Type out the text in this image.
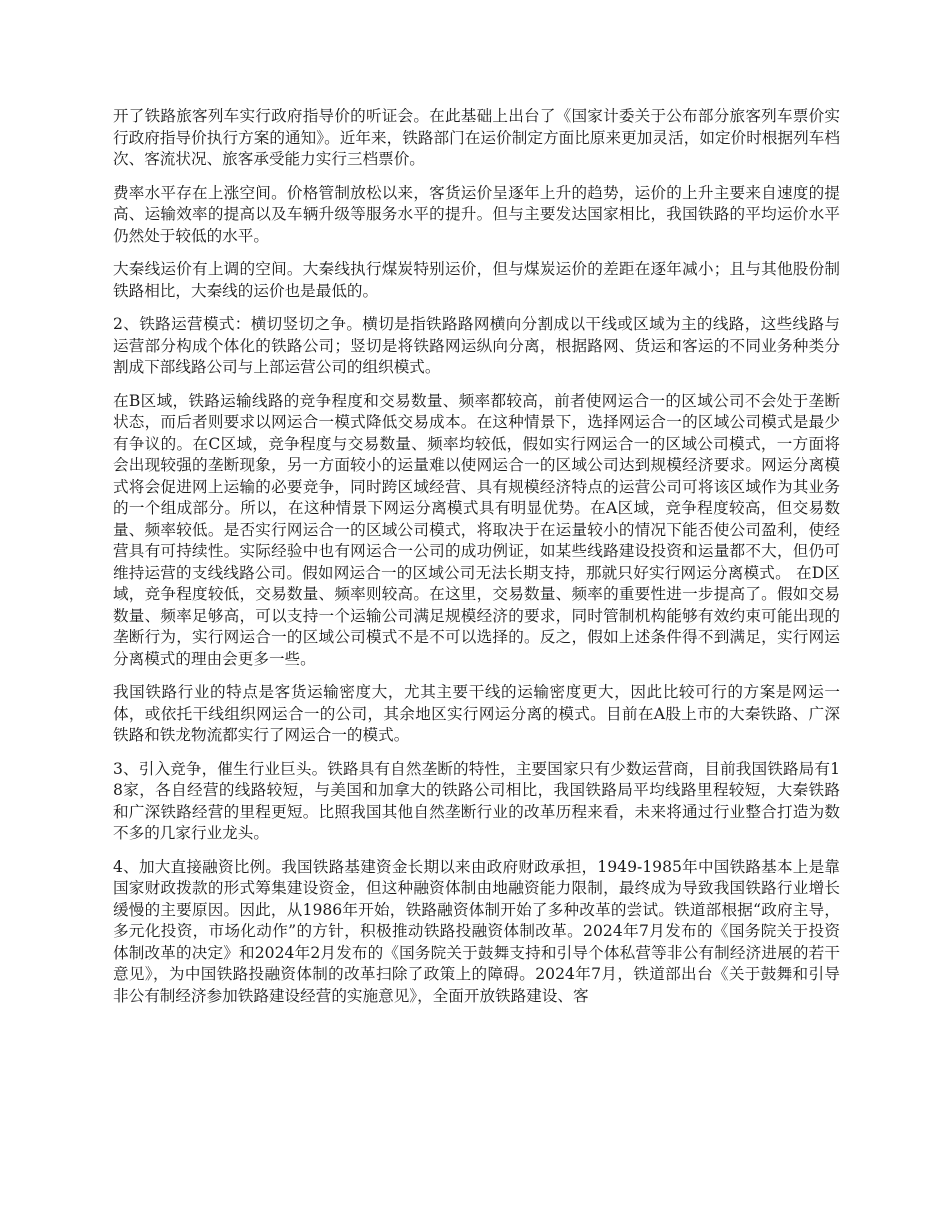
开了铁路旅客列车实行政府指导价的听证会。在此基础上出台了《国家计委关于公布部分旅客列车票价实行政府指导价执行方案的通知》。近年来，铁路部门在运价制定方面比原来更加灵活，如定价时根据列车档次、客流状况、旅客承受能力实行三档票价。

费率水平存在上涨空间。价格管制放松以来，客货运价呈逐年上升的趋势，运价的上升主要来自速度的提高、运输效率的提高以及车辆升级等服务水平的提升。但与主要发达国家相比，我国铁路的平均运价水平仍然处于较低的水平。

大秦线运价有上调的空间。大秦线执行煤炭特别运价，但与煤炭运价的差距在逐年减小；且与其他股份制铁路相比，大秦线的运价也是最低的。

2、铁路运营模式：横切竖切之争。横切是指铁路路网横向分割成以干线或区域为主的线路，这些线路与运营部分构成个体化的铁路公司；竖切是将铁路网运纵向分离，根据路网、货运和客运的不同业务种类分割成下部线路公司与上部运营公司的组织模式。

在B区域，铁路运输线路的竞争程度和交易数量、频率都较高，前者使网运合一的区域公司不会处于垄断状态，而后者则要求以网运合一模式降低交易成本。在这种情景下，选择网运合一的区域公司模式是最少有争议的。在C区域，竞争程度与交易数量、频率均较低，假如实行网运合一的区域公司模式，一方面将会出现较强的垄断现象，另一方面较小的运量难以使网运合一的区域公司达到规模经济要求。网运分离模式将会促进网上运输的必要竞争，同时跨区域经营、具有规模经济特点的运营公司可将该区域作为其业务的一个组成部分。所以，在这种情景下网运分离模式具有明显优势。在A区域，竞争程度较高，但交易数量、频率较低。是否实行网运合一的区域公司模式，将取决于在运量较小的情况下能否使公司盈利，使经营具有可持续性。实际经验中也有网运合一公司的成功例证，如某些线路建设投资和运量都不大，但仍可维持运营的支线线路公司。假如网运合一的区域公司无法长期支持，那就只好实行网运分离模式。 在D区域，竞争程度较低，交易数量、频率则较高。在这里，交易数量、频率的重要性进一步提高了。假如交易数量、频率足够高，可以支持一个运输公司满足规模经济的要求，同时管制机构能够有效约束可能出现的垄断行为，实行网运合一的区域公司模式不是不可以选择的。反之，假如上述条件得不到满足，实行网运分离模式的理由会更多一些。

我国铁路行业的特点是客货运输密度大，尤其主要干线的运输密度更大，因此比较可行的方案是网运一体，或依托干线组织网运合一的公司，其余地区实行网运分离的模式。目前在A股上市的大秦铁路、广深铁路和铁龙物流都实行了网运合一的模式。

3、引入竞争，催生行业巨头。铁路具有自然垄断的特性，主要国家只有少数运营商，目前我国铁路局有18家，各自经营的线路较短，与美国和加拿大的铁路公司相比，我国铁路局平均线路里程较短，大秦铁路和广深铁路经营的里程更短。比照我国其他自然垄断行业的改革历程来看，未来将通过行业整合打造为数不多的几家行业龙头。

4、加大直接融资比例。我国铁路基建资金长期以来由政府财政承担，1949-1985年中国铁路基本上是靠国家财政拨款的形式筹集建设资金，但这种融资体制由地融资能力限制，最终成为导致我国铁路行业增长缓慢的主要原因。因此，从1986年开始，铁路融资体制开始了多种改革的尝试。铁道部根据“政府主导，多元化投资，市场化动作”的方针，积极推动铁路投融资体制改革。2024年7月发布的《国务院关于投资体制改革的决定》和2024年2月发布的《国务院关于鼓舞支持和引导个体私营等非公有制经济进展的若干意见》，为中国铁路投融资体制的改革扫除了政策上的障碍。2024年7月，铁道部出台《关于鼓舞和引导非公有制经济参加铁路建设经营的实施意见》，全面开放铁路建设、客
